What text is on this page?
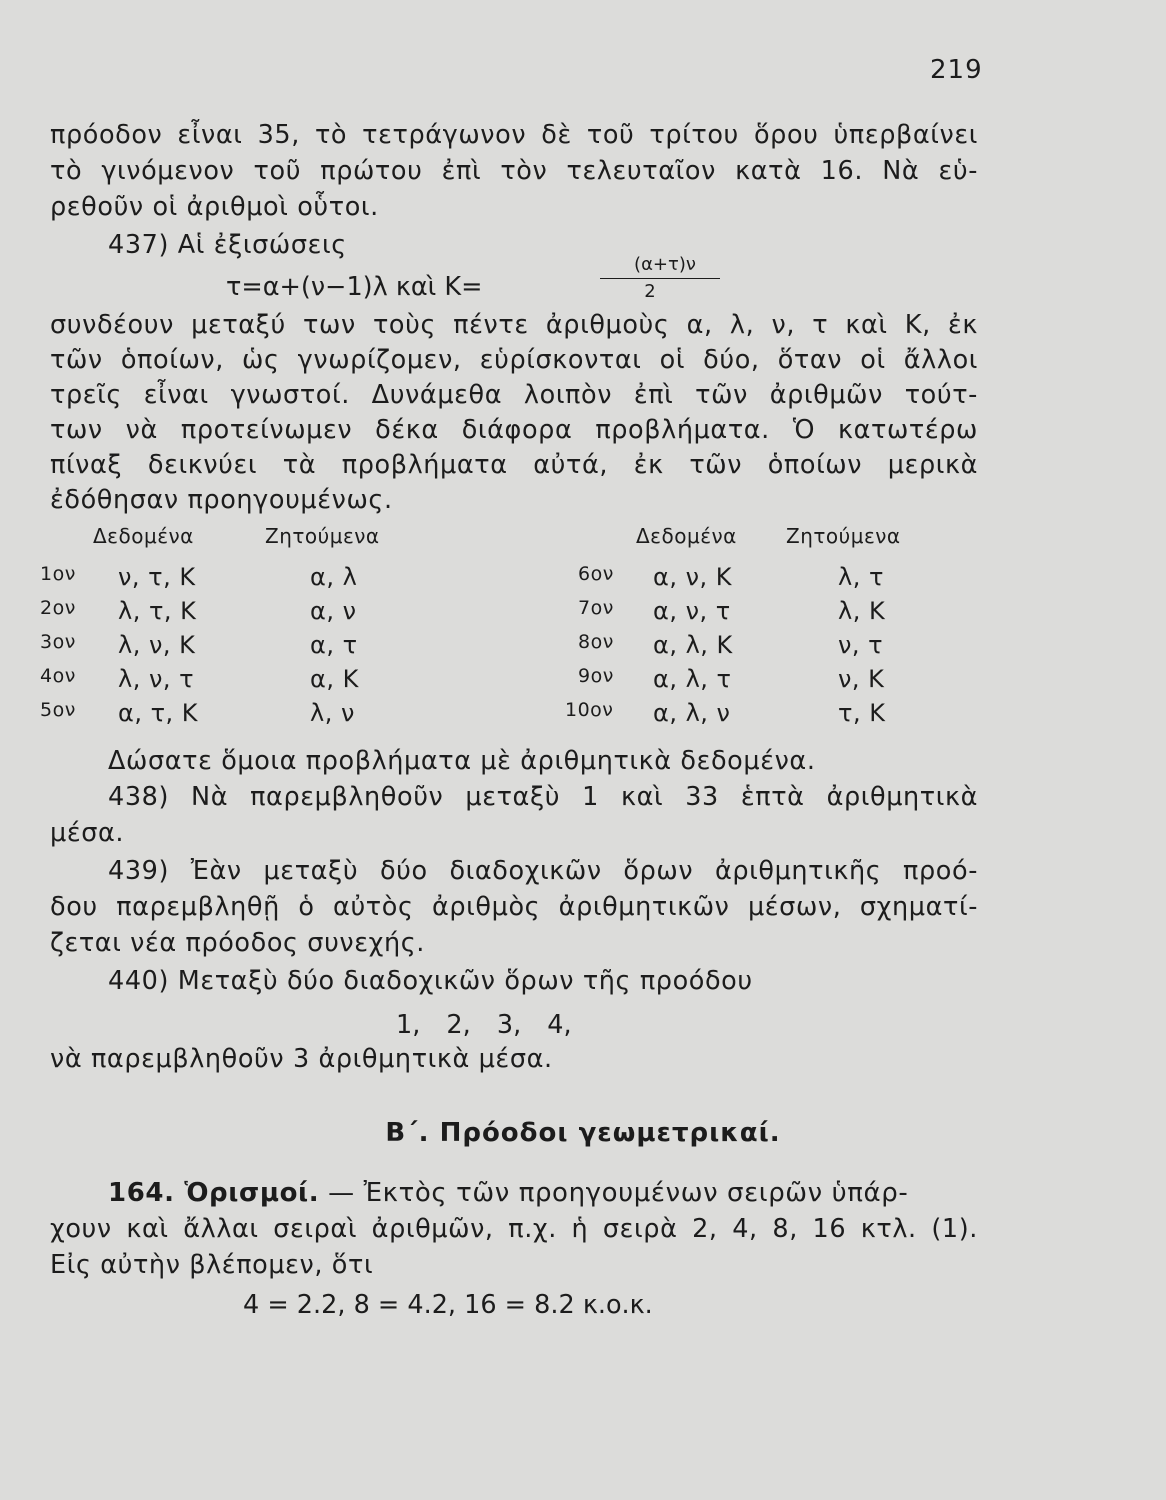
219
πρόοδον εἶναι 35, τὸ τετράγωνον δὲ τοῦ τρίτου ὅρου ὑπερβαίνει
τὸ γινόμενον τοῦ πρώτου ἐπὶ τὸν τελευταῖον κατὰ 16. Νὰ εὑ-
ρεθοῦν οἱ ἀριθμοὶ οὗτοι.
437) Αἱ ἐξισώσεις
τ=α+(ν−1)λ καὶ Κ=
(α+τ)ν
2
συνδέουν μεταξύ των τοὺς πέντε ἀριθμοὺς α, λ, ν, τ καὶ Κ, ἐκ
τῶν ὁποίων, ὡς γνωρίζομεν, εὑρίσκονται οἱ δύο, ὅταν οἱ ἄλλοι
τρεῖς εἶναι γνωστοί. Δυνάμεθα λοιπὸν ἐπὶ τῶν ἀριθμῶν τούτ-
των νὰ προτείνωμεν δέκα διάφορα προβλήματα. Ὁ κατωτέρω
πίναξ δεικνύει τὰ προβλήματα αὐτά, ἐκ τῶν ὁποίων μερικὰ
ἐδόθησαν προηγουμένως.
Δεδομένα	Ζητούμενα	Δεδομένα Ζητούμενα
1ον ν, τ, Κ	α, λ
2ον λ, τ, Κ	α, ν
3ον λ, ν, Κ	α, τ
4ον λ, ν, τ	α, Κ
5ον α, τ, Κ	λ, ν
6ον α, ν, Κ	λ, τ
7ον α, ν, τ	λ, Κ
8ον α, λ, Κ	ν, τ
9ον α, λ, τ	ν, Κ
10ον α, λ, ν	τ, Κ
Δώσατε ὅμοια προβλήματα μὲ ἀριθμητικὰ δεδομένα.
438) Νὰ παρεμβληθοῦν μεταξὺ 1 καὶ 33 ἑπτὰ ἀριθμητικὰ
μέσα.
439) Ἐὰν μεταξὺ δύο διαδοχικῶν ὅρων ἀριθμητικῆς προό-
δου παρεμβληθῇ ὁ αὐτὸς ἀριθμὸς ἀριθμητικῶν μέσων, σχηματί-
ζεται νέα πρόοδος συνεχής.
440) Μεταξὺ δύο διαδοχικῶν ὅρων τῆς προόδου
1, 2, 3, 4,
νὰ παρεμβληθοῦν 3 ἀριθμητικὰ μέσα.
Β΄. Πρόοδοι γεωμετρικαί.
164. Ὁρισμοί. — Ἐκτὸς τῶν προηγουμένων σειρῶν ὑπάρ-
χουν καὶ ἄλλαι σειραὶ ἀριθμῶν, π.χ. ἡ σειρὰ 2, 4, 8, 16 κτλ. (1).
Εἰς αὐτὴν βλέπομεν, ὅτι
4 = 2.2, 8 = 4.2, 16 = 8.2 κ.ο.κ.
